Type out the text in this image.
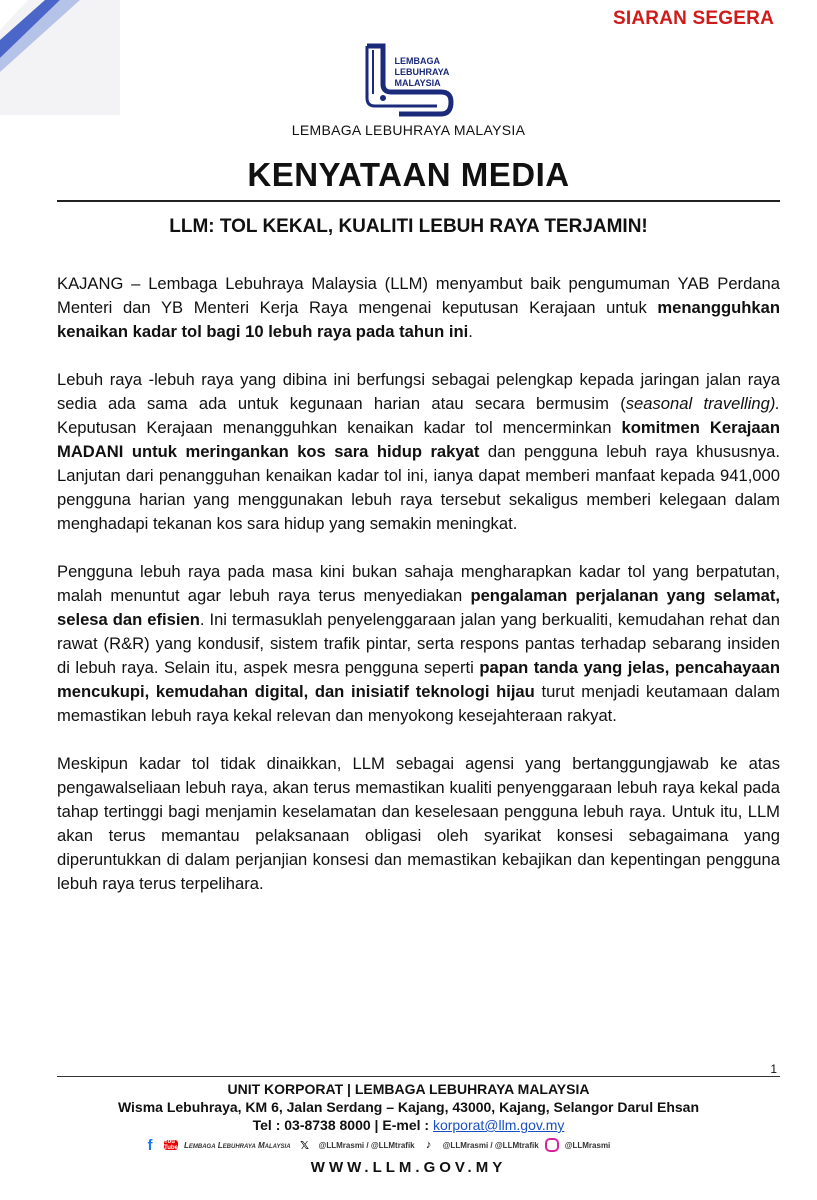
SIARAN SEGERA
LEMBAGA
LEBUHRAYA
MALAYSIA
LEMBAGA LEBUHRAYA MALAYSIA
KENYATAAN MEDIA
LLM: TOL KEKAL, KUALITI LEBUH RAYA TERJAMIN!

KAJANG – Lembaga Lebuhraya Malaysia (LLM) menyambut baik pengumuman YAB Perdana Menteri dan YB Menteri Kerja Raya mengenai keputusan Kerajaan untuk menangguhkan kenaikan kadar tol bagi 10 lebuh raya pada tahun ini.

Lebuh raya -lebuh raya yang dibina ini berfungsi sebagai pelengkap kepada jaringan jalan raya sedia ada sama ada untuk kegunaan harian atau secara bermusim (seasonal travelling). Keputusan Kerajaan menangguhkan kenaikan kadar tol mencerminkan komitmen Kerajaan MADANI untuk meringankan kos sara hidup rakyat dan pengguna lebuh raya khususnya. Lanjutan dari penangguhan kenaikan kadar tol ini, ianya dapat memberi manfaat kepada 941,000 pengguna harian yang menggunakan lebuh raya tersebut sekaligus memberi kelegaan dalam menghadapi tekanan kos sara hidup yang semakin meningkat.

Pengguna lebuh raya pada masa kini bukan sahaja mengharapkan kadar tol yang berpatutan, malah menuntut agar lebuh raya terus menyediakan pengalaman perjalanan yang selamat, selesa dan efisien. Ini termasuklah penyelenggaraan jalan yang berkualiti, kemudahan rehat dan rawat (R&R) yang kondusif, sistem trafik pintar, serta respons pantas terhadap sebarang insiden di lebuh raya. Selain itu, aspek mesra pengguna seperti papan tanda yang jelas, pencahayaan mencukupi, kemudahan digital, dan inisiatif teknologi hijau turut menjadi keutamaan dalam memastikan lebuh raya kekal relevan dan menyokong kesejahteraan rakyat.

Meskipun kadar tol tidak dinaikkan, LLM sebagai agensi yang bertanggungjawab ke atas pengawalseliaan lebuh raya, akan terus memastikan kualiti penyenggaraan lebuh raya kekal pada tahap tertinggi bagi menjamin keselamatan dan keselesaan pengguna lebuh raya. Untuk itu, LLM akan terus memantau pelaksanaan obligasi oleh syarikat konsesi sebagaimana yang diperuntukkan di dalam perjanjian konsesi dan memastikan kebajikan dan kepentingan pengguna lebuh raya terus terpelihara.

1
UNIT KORPORAT | LEMBAGA LEBUHRAYA MALAYSIA
Wisma Lebuhraya, KM 6, Jalan Serdang – Kajang, 43000, Kajang, Selangor Darul Ehsan
Tel : 03-8738 8000 | E-mel : korporat@llm.gov.my
f	You Tube Lembaga Lebuhraya Malaysia 𝕏	@LLMrasmi / @LLMtrafik	♪	@LLMrasmi / @LLMtrafik	@LLMrasmi
WWW.LLM.GOV.MY
